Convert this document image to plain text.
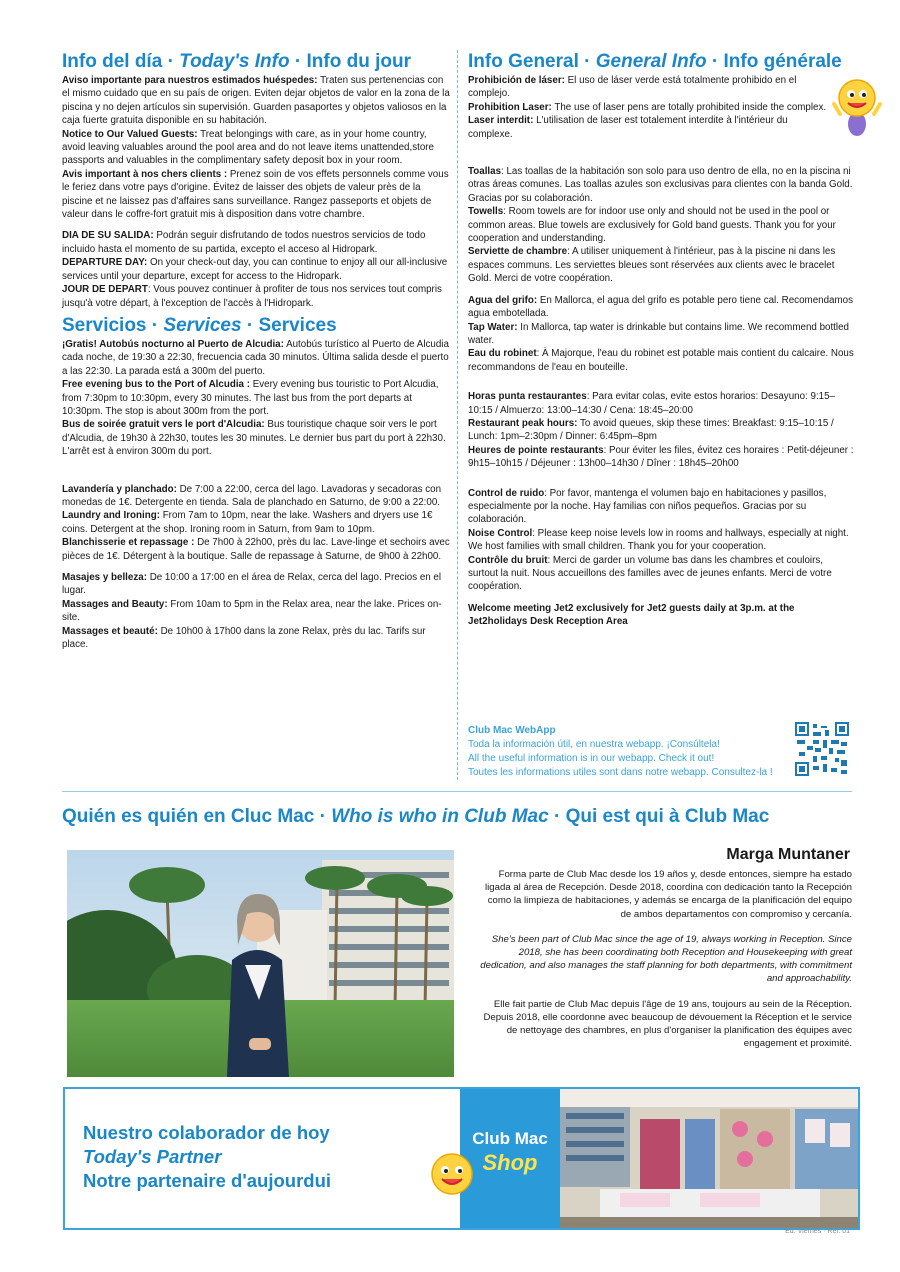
Info del día · Today's Info · Info du jour

Aviso importante para nuestros estimados huéspedes: Traten sus pertenencias con el mismo cuidado que en su país de origen. Eviten dejar objetos de valor en la zona de la piscina y no dejen artículos sin supervisión. Guarden pasaportes y objetos valiosos en la caja fuerte gratuita disponible en su habitación.

Notice to Our Valued Guests: Treat belongings with care, as in your home country, avoid leaving valuables around the pool area and do not leave items unattended,store passports and valuables in the complimentary safety deposit box in your room.

Avis important à nos chers clients : Prenez soin de vos effets personnels comme vous le feriez dans votre pays d'origine. Évitez de laisser des objets de valeur près de la piscine et ne laissez pas d'affaires sans surveillance. Rangez passeports et objets de valeur dans le coffre-fort gratuit mis à disposition dans votre chambre.

DIA DE SU SALIDA: Podrán seguir disfrutando de todos nuestros servicios de todo incluido hasta el momento de su partida, excepto el acceso al Hidropark.

DEPARTURE DAY: On your check-out day, you can continue to enjoy all our all-inclusive services until your departure, except for access to the Hidropark.

JOUR DE DEPART: Vous pouvez continuer à profiter de tous nos services tout compris jusqu'à votre départ, à l'exception de l'accès à l'Hidropark.

Servicios · Services · Services

¡Gratis! Autobús nocturno al Puerto de Alcudia: Autobús turístico al Puerto de Alcudia cada noche, de 19:30 a 22:30, frecuencia cada 30 minutos. Última salida desde el puerto a las 22:30. La parada está a 300m del puerto.

Free evening bus to the Port of Alcudia : Every evening bus touristic to Port Alcudia, from 7:30pm to 10:30pm, every 30 minutes. The last bus from the port departs at 10:30pm. The stop is about 300m from the port.

Bus de soirée gratuit vers le port d'Alcudia: Bus touristique chaque soir vers le port d'Alcudia, de 19h30 à 22h30, toutes les 30 minutes. Le dernier bus part du port à 22h30. L'arrêt est à environ 300m du port.

Lavandería y planchado: De 7:00 a 22:00, cerca del lago. Lavadoras y secadoras con monedas de 1€. Detergente en tienda. Sala de planchado en Saturno, de 9:00 a 22:00.

Laundry and Ironing: From 7am to 10pm, near the lake. Washers and dryers use 1€ coins. Detergent at the shop. Ironing room in Saturn, from 9am to 10pm.

Blanchisserie et repassage : De 7h00 à 22h00, près du lac. Lave-linge et sechoirs avec pièces de 1€. Détergent à la boutique. Salle de repassage à Saturne, de 9h00 à 22h00.

Masajes y belleza: De 10:00 a 17:00 en el área de Relax, cerca del lago. Precios en el lugar.

Massages and Beauty: From 10am to 5pm in the Relax area, near the lake. Prices on-site.

Massages et beauté: De 10h00 à 17h00 dans la zone Relax, près du lac. Tarifs sur place.

Info General · General Info · Info générale

Prohibición de láser: El uso de láser verde está totalmente prohibido en el complejo.

Prohibition Laser: The use of laser pens are totally prohibited inside the complex.

Laser interdit: L'utilisation de laser est totalement interdite à l'intérieur du complexe.

Toallas: Las toallas de la habitación son solo para uso dentro de ella, no en la piscina ni otras áreas comunes. Las toallas azules son exclusivas para clientes con la banda Gold. Gracias por su colaboración.

Towells: Room towels are for indoor use only and should not be used in the pool or common areas. Blue towels are exclusively for Gold band guests. Thank you for your cooperation and understanding.

Serviette de chambre: A utiliser uniquement à l'intérieur, pas à la piscine ni dans les espaces communs. Les serviettes bleues sont réservées aux clients avec le bracelet Gold. Merci de votre coopération.

Agua del grifo: En Mallorca, el agua del grifo es potable pero tiene cal. Recomendamos agua embotellada.

Tap Water: In Mallorca, tap water is drinkable but contains lime. We recommend bottled water.

Eau du robinet: À Majorque, l'eau du robinet est potable mais contient du calcaire. Nous recommandons de l'eau en bouteille.

Horas punta restaurantes: Para evitar colas, evite estos horarios: Desayuno: 9:15–10:15 / Almuerzo: 13:00–14:30 / Cena: 18:45–20:00

Restaurant peak hours: To avoid queues, skip these times: Breakfast: 9:15–10:15 / Lunch: 1pm–2:30pm / Dinner: 6:45pm–8pm

Heures de pointe restaurants: Pour éviter les files, évitez ces horaires : Petit-déjeuner : 9h15–10h15 / Déjeuner : 13h00–14h30 / Dîner : 18h45–20h00

Control de ruido: Por favor, mantenga el volumen bajo en habitaciones y pasillos, especialmente por la noche. Hay familias con niños pequeños. Gracias por su colaboración.

Noise Control: Please keep noise levels low in rooms and hallways, especially at night. We host families with small children. Thank you for your cooperation.

Contrôle du bruit: Merci de garder un volume bas dans les chambres et couloirs, surtout la nuit. Nous accueillons des familles avec de jeunes enfants. Merci de votre coopération.

Welcome meeting Jet2 exclusively for Jet2 guests daily at 3p.m. at the Jet2holidays Desk Reception Area

Club Mac WebApp
Toda la información útil, en nuestra webapp. ¡Consúltela!
All the useful information is in our webapp. Check it out!
Toutes les informations utiles sont dans notre webapp. Consultez-la !
Quién es quién en Cluc Mac · Who is who in Club Mac · Qui est qui à Club Mac
Marga Muntaner

Forma parte de Club Mac desde los 19 años y, desde entonces, siempre ha estado ligada al área de Recepción. Desde 2018, coordina con dedicación tanto la Recepción como la limpieza de habitaciones, y además se encarga de la planificación del equipo de ambos departamentos con compromiso y cercanía.

She's been part of Club Mac since the age of 19, always working in Reception. Since 2018, she has been coordinating both Reception and Housekeeping with great dedication, and also manages the staff planning for both departments, with commitment and approachability.

Elle fait partie de Club Mac depuis l'âge de 19 ans, toujours au sein de la Réception. Depuis 2018, elle coordonne avec beaucoup de dévouement la Réception et le service de nettoyage des chambres, en plus d'organiser la planification des équipes avec engagement et proximité.

Nuestro colaborador de hoy
Today's Partner
Notre partenaire d'aujourdui
Club Mac
Shop
Ed. Viernes · Ref. 01
